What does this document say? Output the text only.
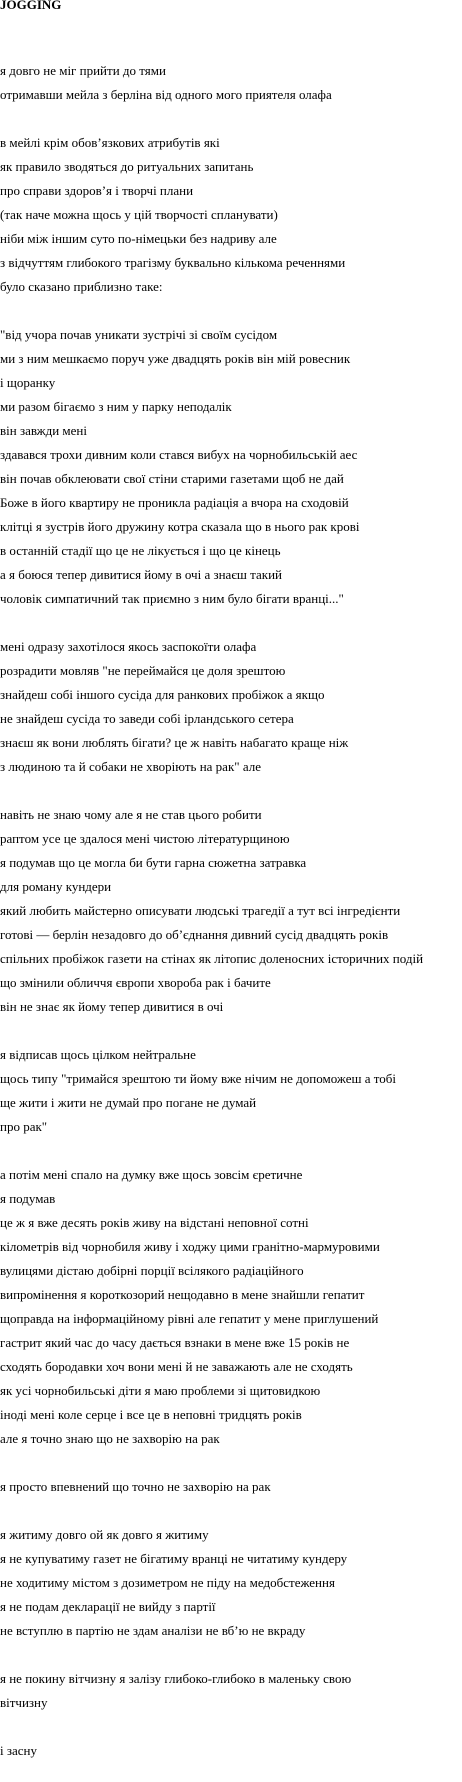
JOGGING
я довго не міг прийти до тями
отримавши мейла з берліна від одного мого приятеля олафа
в мейлі крім обов’язкових атрибутів які
як правило зводяться до ритуальних запитань
про справи здоров’я і творчі плани
(так наче можна щось у цій творчості спланувати)
ніби між іншим суто по-німецьки без надриву але
з відчуттям глибокого трагізму буквально кількома реченнями
було сказано приблизно таке:
"від учора почав уникати зустрічі зі своїм сусідом
ми з ним мешкаємо поруч уже двадцять років він мій ровесник
і щоранку
ми разом бігаємо з ним у парку неподалік
він завжди мені
здавався трохи дивним коли стався вибух на чорнобильській аес
він почав обклеювати свої стіни старими газетами щоб не дай
Боже в його квартиру не проникла радіація а вчора на сходовій
клітці я зустрів його дружину котра сказала що в нього рак крові
в останній стадії що це не лікується і що це кінець
а я боюся тепер дивитися йому в очі а знаєш такий
чоловік симпатичний так приємно з ним було бігати вранці..."
мені одразу захотілося якось заспокоїти олафа
розрадити мовляв "не переймайся це доля зрештою
знайдеш собі іншого сусіда для ранкових пробіжок а якщо
не знайдеш сусіда то заведи собі ірландського сетера
знаєш як вони люблять бігати? це ж навіть набагато краще ніж
з людиною та й собаки не хворіють на рак" але
навіть не знаю чому але я не став цього робити
раптом усе це здалося мені чистою літературщиною
я подумав що це могла би бути гарна сюжетна затравка
для роману кундери
який любить майстерно описувати людські трагедії а тут всі інгредієнти
готові — берлін незадовго до об’єднання дивний сусід двадцять років
спільних пробіжок газети на стінах як літопис доленосних історичних подій
що змінили обличчя європи хвороба рак і бачите
він не знає як йому тепер дивитися в очі
я відписав щось цілком нейтральне
щось типу "тримайся зрештою ти йому вже нічим не допоможеш а тобі
ще жити і жити не думай про погане не думай
про рак"
а потім мені спало на думку вже щось зовсім єретичне
я подумав
це ж я вже десять років живу на відстані неповної сотні
кілометрів від чорнобиля живу і ходжу цими гранітно-мармуровими
вулицями дістаю добірні порції всілякого радіаційного
випромінення я короткозорий нещодавно в мене знайшли гепатит
щоправда на інформаційному рівні але гепатит у мене приглушений
гастрит який час до часу дається взнаки в мене вже 15 років не
сходять бородавки хоч вони мені й не заважають але не сходять
як усі чорнобильські діти я маю проблеми зі щитовидкою
іноді мені коле серце і все це в неповні тридцять років
але я точно знаю що не захворію на рак
я просто впевнений що точно не захворію на рак
я житиму довго ой як довго я житиму
я не купуватиму газет не бігатиму вранці не читатиму кундеру
не ходитиму містом з дозиметром не піду на медобстеження
я не подам декларації не вийду з партії
не вступлю в партію не здам аналізи не вб’ю не вкраду
я не покину вітчизну я залізу глибоко-глибоко в маленьку свою
вітчизну
і засну
